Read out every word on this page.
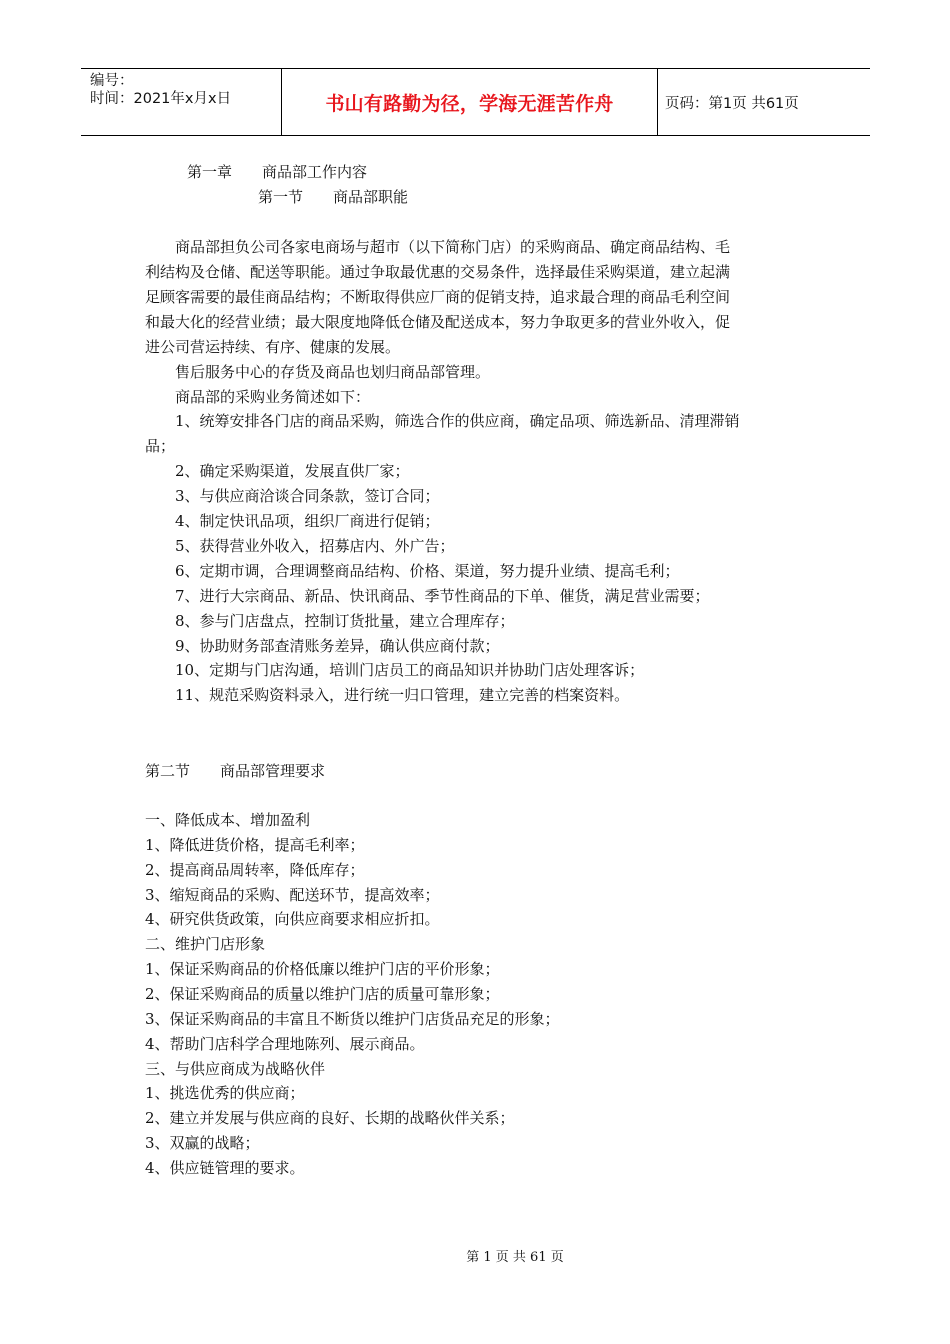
编号：
时间：2021年x月x日	书山有路勤为径，学海无涯苦作舟	页码：第1页 共61页
第一章　　商品部工作内容
第一节　　商品部职能
　　商品部担负公司各家电商场与超市（以下简称门店）的采购商品、确定商品结构、毛
利结构及仓储、配送等职能。通过争取最优惠的交易条件，选择最佳采购渠道，建立起满
足顾客需要的最佳商品结构；不断取得供应厂商的促销支持，追求最合理的商品毛利空间
和最大化的经营业绩；最大限度地降低仓储及配送成本，努力争取更多的营业外收入，促
进公司营运持续、有序、健康的发展。
　　售后服务中心的存货及商品也划归商品部管理。
　　商品部的采购业务简述如下：
　　1、统筹安排各门店的商品采购，筛选合作的供应商，确定品项、筛选新品、清理滞销
品；
　　2、确定采购渠道，发展直供厂家；
　　3、与供应商洽谈合同条款，签订合同；
　　4、制定快讯品项，组织厂商进行促销；
　　5、获得营业外收入，招募店内、外广告；
　　6、定期市调，合理调整商品结构、价格、渠道，努力提升业绩、提高毛利；
　　7、进行大宗商品、新品、快讯商品、季节性商品的下单、催货，满足营业需要；
　　8、参与门店盘点，控制订货批量，建立合理库存；
　　9、协助财务部查清账务差异，确认供应商付款；
　　10、定期与门店沟通，培训门店员工的商品知识并协助门店处理客诉；
　　11、规范采购资料录入，进行统一归口管理，建立完善的档案资料。
第二节　　商品部管理要求
一、降低成本、增加盈利
1、降低进货价格，提高毛利率；
2、提高商品周转率，降低库存；
3、缩短商品的采购、配送环节，提高效率；
4、研究供货政策，向供应商要求相应折扣。
二、维护门店形象
1、保证采购商品的价格低廉以维护门店的平价形象；
2、保证采购商品的质量以维护门店的质量可靠形象；
3、保证采购商品的丰富且不断货以维护门店货品充足的形象；
4、帮助门店科学合理地陈列、展示商品。
三、与供应商成为战略伙伴
1、挑选优秀的供应商；
2、建立并发展与供应商的良好、长期的战略伙伴关系；
3、双赢的战略；
4、供应链管理的要求。
第 1 页 共 61 页
